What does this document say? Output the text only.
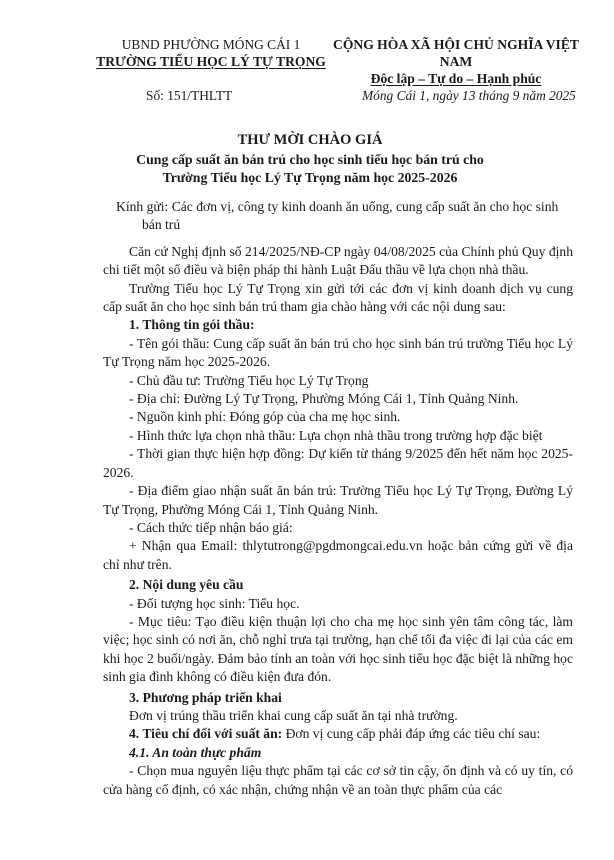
UBND PHƯỜNG MÓNG CÁI 1
TRƯỜNG TIỂU HỌC LÝ TỰ TRỌNG
CỘNG HÒA XÃ HỘI CHỦ NGHĨA VIỆT NAM
Độc lập – Tự do – Hạnh phúc
Số: 151/THLTT	Móng Cái 1, ngày 13 tháng 9 năm 2025
THƯ MỜI CHÀO GIÁ
Cung cấp suất ăn bán trú cho học sinh tiểu học bán trú cho
Trường Tiểu học Lý Tự Trọng năm học 2025-2026

Kính gửi: Các đơn vị, công ty kinh doanh ăn uống, cung cấp suất ăn cho học sinh bán trú

Căn cứ Nghị định số 214/2025/NĐ-CP ngày 04/08/2025 của Chính phủ Quy định chi tiết một số điều và biện pháp thi hành Luật Đấu thầu về lựa chọn nhà thầu.

Trường Tiểu học Lý Tự Trọng xin gửi tới các đơn vị kinh doanh dịch vụ cung cấp suất ăn cho học sinh bán trú tham gia chào hàng với các nội dung sau:

1. Thông tin gói thầu:

- Tên gói thầu: Cung cấp suất ăn bán trú cho học sinh bán trú trường Tiểu học Lý Tự Trọng năm học 2025-2026.

- Chủ đầu tư: Trường Tiểu học Lý Tự Trọng

- Địa chỉ: Đường Lý Tự Trọng, Phường Móng Cái 1, Tỉnh Quảng Ninh.

- Nguồn kinh phí: Đóng góp của cha mẹ học sinh.

- Hình thức lựa chọn nhà thầu: Lựa chọn nhà thầu trong trường hợp đặc biệt

- Thời gian thực hiện hợp đồng: Dự kiến từ tháng 9/2025 đến hết năm học 2025-2026.

- Địa điểm giao nhận suất ăn bán trú: Trường Tiểu học Lý Tự Trọng, Đường Lý Tự Trọng, Phường Móng Cái 1, Tỉnh Quảng Ninh.

- Cách thức tiếp nhận báo giá:

+ Nhận qua Email: thlytutrong@pgdmongcai.edu.vn hoặc bản cứng gửi về địa chỉ như trên.

2. Nội dung yêu cầu

- Đối tượng học sinh: Tiểu học.

- Mục tiêu: Tạo điều kiện thuận lợi cho cha mẹ học sinh yên tâm công tác, làm việc; học sinh có nơi ăn, chỗ nghỉ trưa tại trường, hạn chế tối đa việc đi lại của các em khi học 2 buổi/ngày. Đảm bảo tính an toàn với học sinh tiểu học đặc biệt là những học sinh gia đình không có điều kiện đưa đón.

3. Phương pháp triển khai

Đơn vị trúng thầu triển khai cung cấp suất ăn tại nhà trường.

4. Tiêu chí đối với suất ăn: Đơn vị cung cấp phải đáp ứng các tiêu chí sau:

4.1. An toàn thực phẩm

- Chọn mua nguyên liệu thực phẩm tại các cơ sở tin cậy, ổn định và có uy tín, có cửa hàng cố định, có xác nhận, chứng nhận về an toàn thực phẩm của các
